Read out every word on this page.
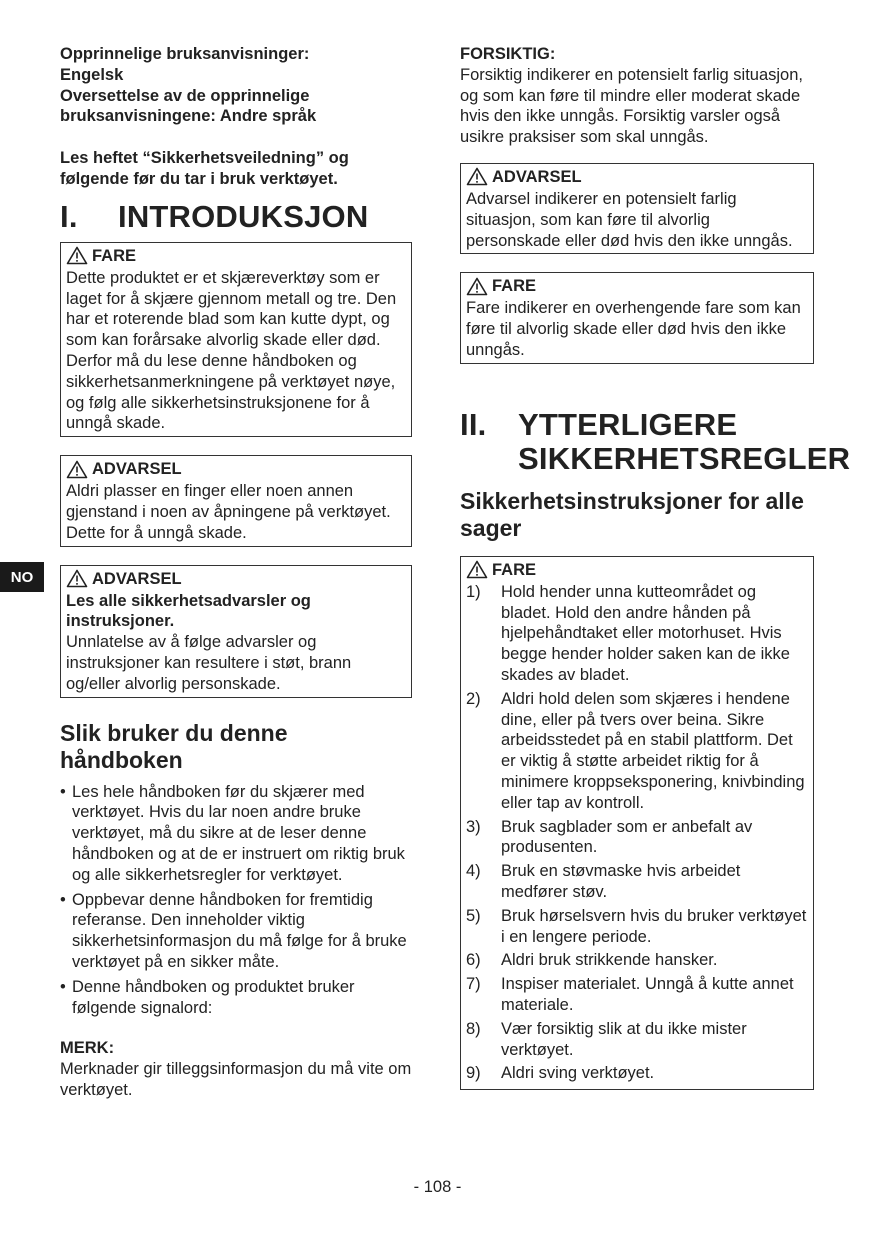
NO
Opprinnelige bruksanvisninger:
Engelsk
Oversettelse av de opprinnelige
bruksanvisningene: Andre språk

Les heftet “Sikkerhetsveiledning” og følgende før du tar i bruk verktøyet.

I.	INTRODUKSJON
FARE

Dette produktet er et skjæreverktøy som er laget for å skjære gjennom metall og tre. Den har et roterende blad som kan kutte dypt, og som kan forårsake alvorlig skade eller død. Derfor må du lese denne håndboken og sikkerhetsanmerkningene på verktøyet nøye, og følg alle sikkerhetsinstruksjonene for å unngå skade.

ADVARSEL

Aldri plasser en finger eller noen annen gjenstand i noen av åpningene på verktøyet. Dette for å unngå skade.

ADVARSEL

Les alle sikkerhetsadvarsler og instruksjoner.

Unnlatelse av å følge advarsler og instruksjoner kan resultere i støt, brann og/eller alvorlig personskade.

Slik bruker du denne håndboken

• Les hele håndboken før du skjærer med verktøyet. Hvis du lar noen andre bruke verktøyet, må du sikre at de leser denne håndboken og at de er instruert om riktig bruk og alle sikkerhetsregler for verktøyet.
• Oppbevar denne håndboken for fremtidig referanse. Den inneholder viktig sikkerhetsinformasjon du må følge for å bruke verktøyet på en sikker måte.
• Denne håndboken og produktet bruker følgende signalord:

MERK:

Merknader gir tilleggsinformasjon du må vite om verktøyet.

FORSIKTIG:

Forsiktig indikerer en potensielt farlig situasjon, og som kan føre til mindre eller moderat skade hvis den ikke unngås. Forsiktig varsler også usikre praksiser som skal unngås.

ADVARSEL

Advarsel indikerer en potensielt farlig situasjon, som kan føre til alvorlig personskade eller død hvis den ikke unngås.

FARE

Fare indikerer en overhengende fare som kan føre til alvorlig skade eller død hvis den ikke unngås.

II.	YTTERLIGERE
SIKKERHETSREGLER

Sikkerhetsinstruksjoner for alle sager

FARE
1)	Hold hender unna kutteområdet og bladet. Hold den andre hånden på hjelpehåndtaket eller motorhuset. Hvis begge hender holder saken kan de ikke skades av bladet.
2)	Aldri hold delen som skjæres i hendene dine, eller på tvers over beina. Sikre arbeidsstedet på en stabil plattform. Det er viktig å støtte arbeidet riktig for å minimere kroppseksponering, knivbinding eller tap av kontroll.
3)	Bruk sagblader som er anbefalt av produsenten.
4)	Bruk en støvmaske hvis arbeidet medfører støv.
5)	Bruk hørselsvern hvis du bruker verktøyet i en lengere periode.
6)	Aldri bruk strikkende hansker.
7)	Inspiser materialet. Unngå å kutte annet materiale.
8)	Vær forsiktig slik at du ikke mister verktøyet.
9)	Aldri sving verktøyet.
- 108 -
